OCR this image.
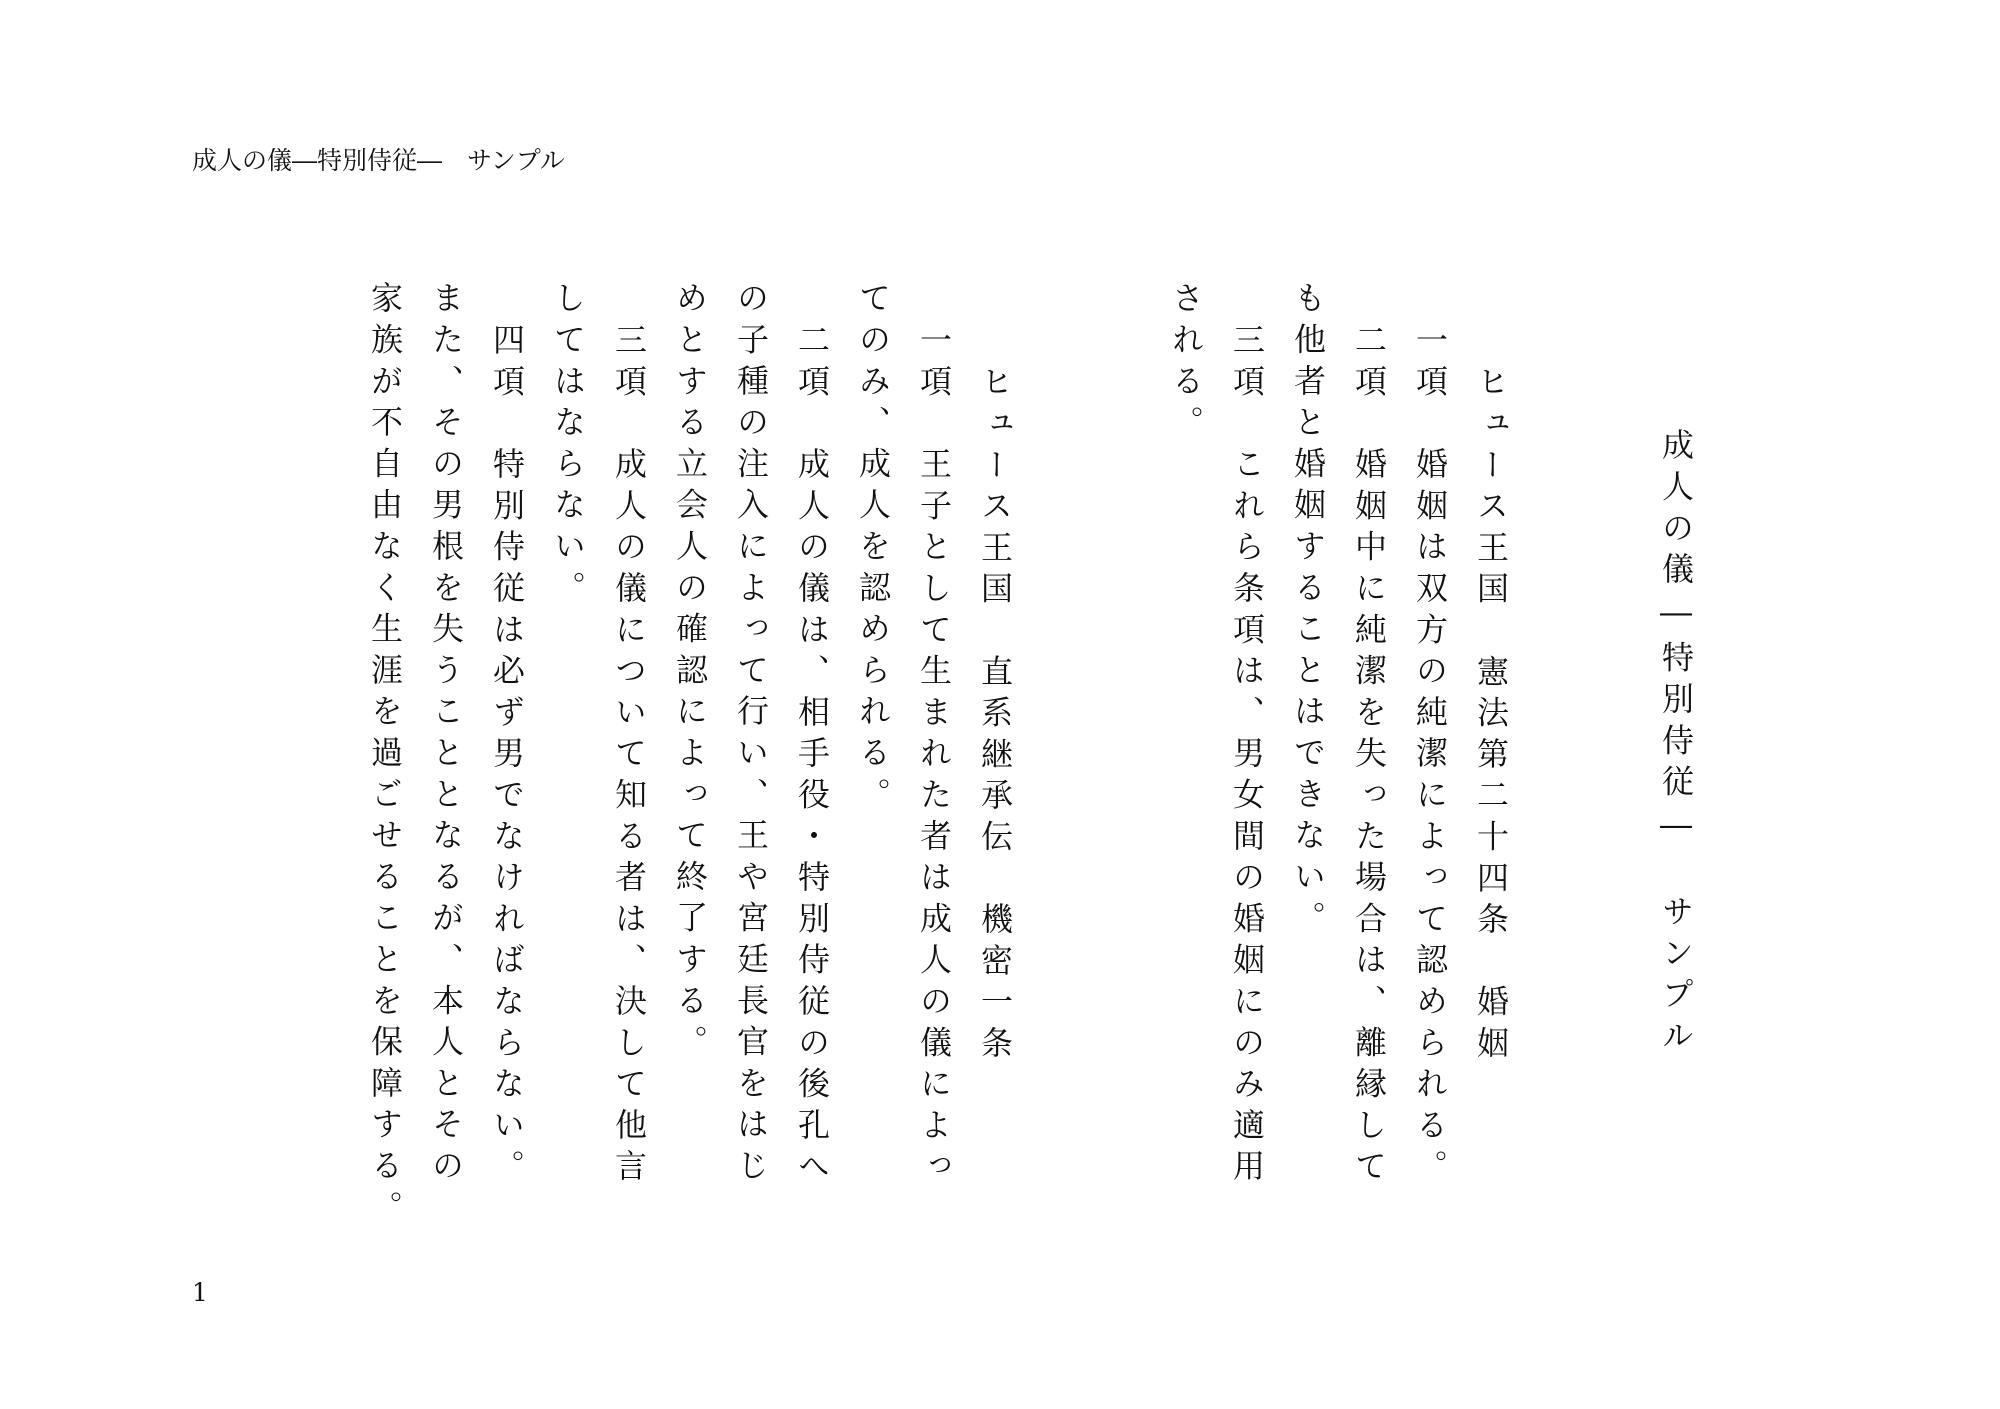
成人の儀―特別侍従―　サンプル
成人の儀―特別侍従―　サンプル
ヒュース王国　憲法第二十四条　婚姻
一項　婚姻は双方の純潔によって認められる。
二項　婚姻中に純潔を失った場合は、離縁して
も他者と婚姻することはできない。
三項　これら条項は、男女間の婚姻にのみ適用
される。
ヒュース王国　直系継承伝　機密一条
一項　王子として生まれた者は成人の儀によっ
てのみ、成人を認められる。
二項　成人の儀は、相手役・特別侍従の後孔へ
の子種の注入によって行い、王や宮廷長官をはじ
めとする立会人の確認によって終了する。
三項　成人の儀について知る者は、決して他言
してはならない。
四項　特別侍従は必ず男でなければならない。
また、その男根を失うこととなるが、本人とその
家族が不自由なく生涯を過ごせることを保障する。
1
